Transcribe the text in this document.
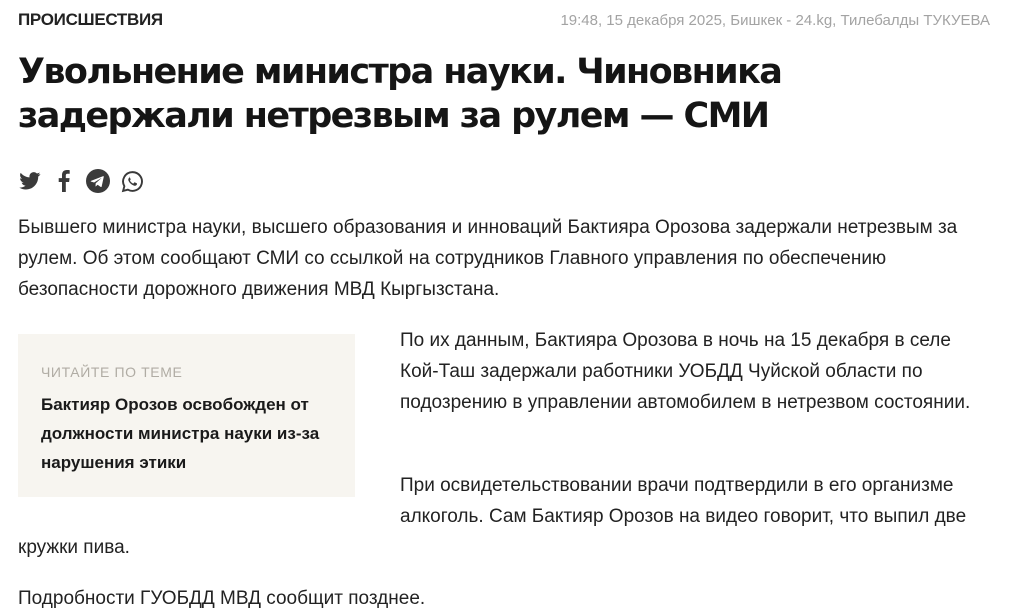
ПРОИСШЕСТВИЯ	19:48, 15 декабря 2025, Бишкек - 24.kg, Тилебалды ТУКУЕВА
Увольнение министра науки. Чиновника задержали нетрезвым за рулем — СМИ

Бывшего министра науки, высшего образования и инноваций Бактияра Орозова задержали нетрезвым за рулем. Об этом сообщают СМИ со ссылкой на сотрудников Главного управления по обеспечению безопасности дорожного движения МВД Кыргызстана.

ЧИТАЙТЕ ПО ТЕМЕ
Бактияр Орозов освобожден от должности министра науки из-за нарушения этики

По их данным, Бактияра Орозова в ночь на 15 декабря в селе Кой-Таш задержали работники УОБДД Чуйской области по подозрению в управлении автомобилем в нетрезвом состоянии.

При освидетельствовании врачи подтвердили в его организме алкоголь. Сам Бактияр Орозов на видео говорит, что выпил две

кружки пива.

Подробности ГУОБДД МВД сообщит позднее.
